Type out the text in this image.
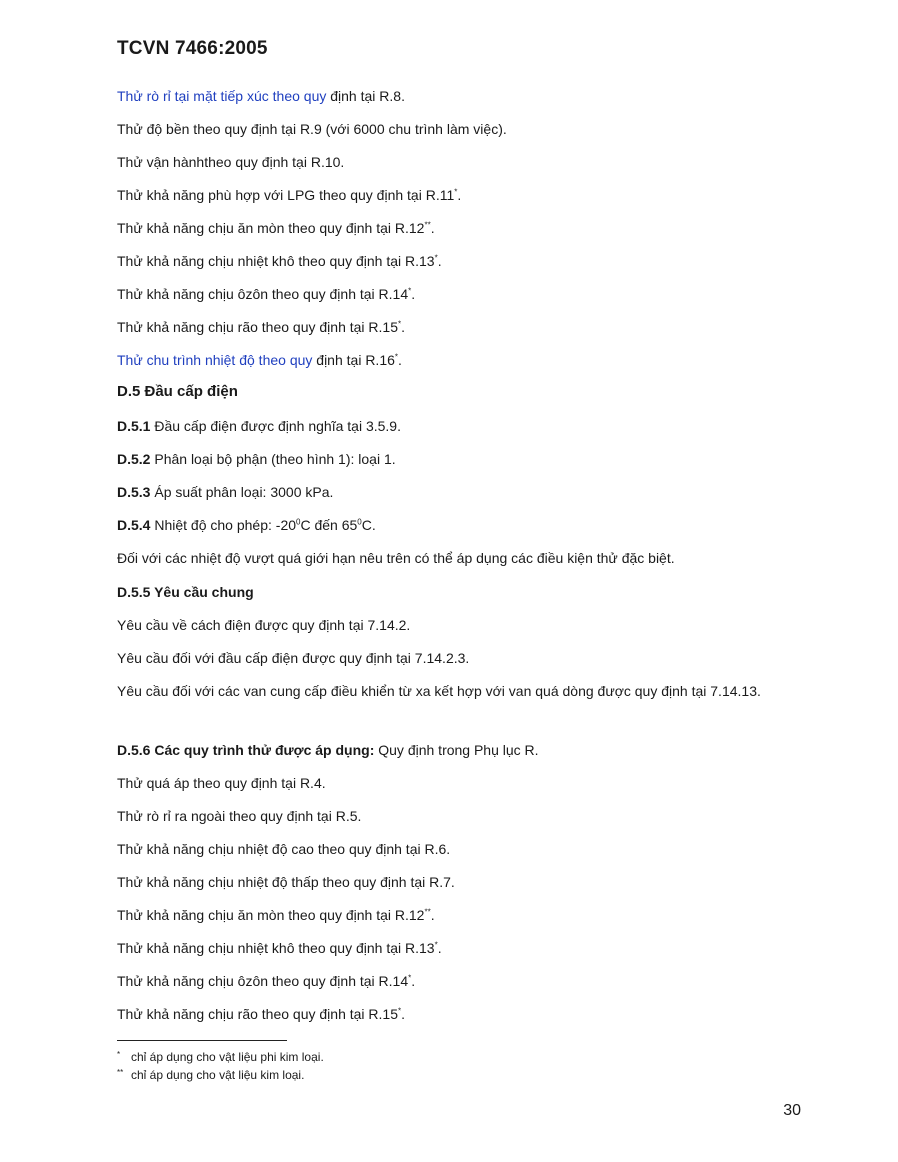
TCVN 7466:2005
Thử rò rỉ tại mặt tiếp xúc theo quy định tại R.8.
Thử độ bền theo quy định tại R.9 (với 6000 chu trình làm việc).
Thử vận hànhtheo quy định tại R.10.
Thử khả năng phù hợp với LPG theo quy định tại R.11*.
Thử khả năng chịu ăn mòn theo quy định tại R.12**.
Thử khả năng chịu nhiệt khô theo quy định tại R.13*.
Thử khả năng chịu ôzôn theo quy định tại R.14*.
Thử khả năng chịu rão theo quy định tại R.15*.
Thử chu trình nhiệt độ theo quy định tại R.16*.
D.5 Đầu cấp điện
D.5.1 Đầu cấp điện được định nghĩa tại 3.5.9.
D.5.2 Phân loại bộ phận (theo hình 1): loại 1.
D.5.3 Áp suất phân loại: 3000 kPa.
D.5.4 Nhiệt độ cho phép: $-20^0C$ đến $65^0C$.
Đối với các nhiệt độ vượt quá giới hạn nêu trên có thể áp dụng các điều kiện thử đặc biệt.
D.5.5 Yêu cầu chung
Yêu cầu về cách điện được quy định tại 7.14.2.
Yêu cầu đối với đầu cấp điện được quy định tại 7.14.2.3.
Yêu cầu đối với các van cung cấp điều khiển từ xa kết hợp với van quá dòng được quy định tại 7.14.13.
D.5.6 Các quy trình thử được áp dụng: Quy định trong Phụ lục R.
Thử quá áp theo quy định tại R.4.
Thử rò rỉ ra ngoài theo quy định tại R.5.
Thử khả năng chịu nhiệt độ cao theo quy định tại R.6.
Thử khả năng chịu nhiệt độ thấp theo quy định tại R.7.
Thử khả năng chịu ăn mòn theo quy định tại R.12**.
Thử khả năng chịu nhiệt khô theo quy định tại R.13*.
Thử khả năng chịu ôzôn theo quy định tại R.14*.
Thử khả năng chịu rão theo quy định tại R.15*.
* chỉ áp dụng cho vật liệu phi kim loại.
** chỉ áp dụng cho vật liệu kim loại.
30
